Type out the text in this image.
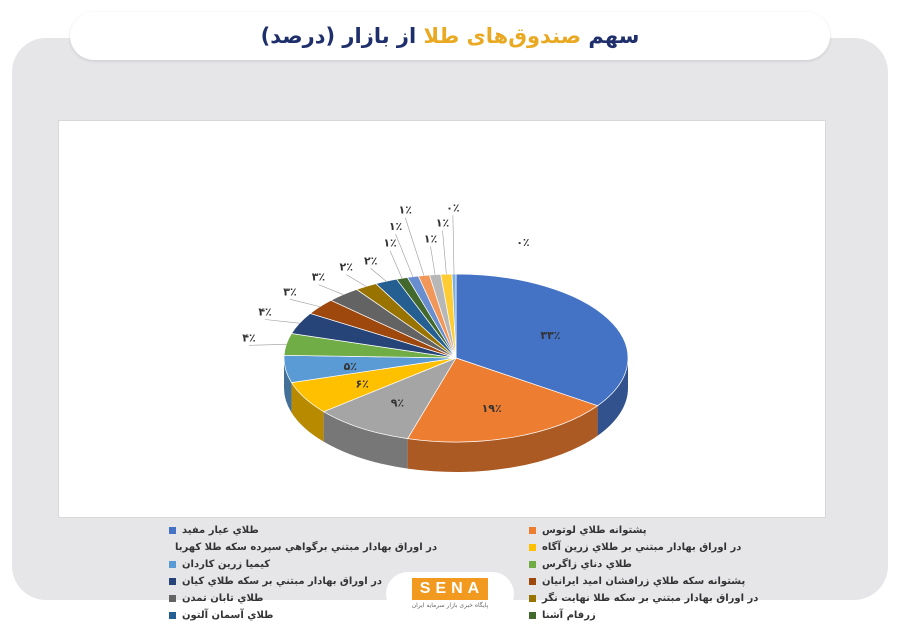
سهم

صندوق‌های طلا

از بازار (درصد)
۳۳٪
۱۹٪
۹٪
۶٪
۵٪
۴٪
۴٪
۳٪
۳٪
۲٪ ۲٪
۱٪
۱٪
۱٪
۱٪
۱٪
۰٪
۰٪
طلاي عيار مفيد	پشتوانه طلاي لوتوس
در اوراق بهادار مبتني برگواهي سپرده سکه طلا کهربا	در اوراق بهادار مبتني بر طلاي زرين آگاه
کيميا زرين کاردان	طلاي دناي زاگرس
در اوراق بهادار مبتني بر سکه طلاي کيان	پشتوانه سکه طلاي زرافشان اميد ايرانيان
طلاي تابان تمدن	در اوراق بهادار مبتني بر سکه طلا نهايت نگر
طلاي آسمان آلتون	زرفام آشنا
SENA
پایگاه خبری بازار سرمایه ایران
